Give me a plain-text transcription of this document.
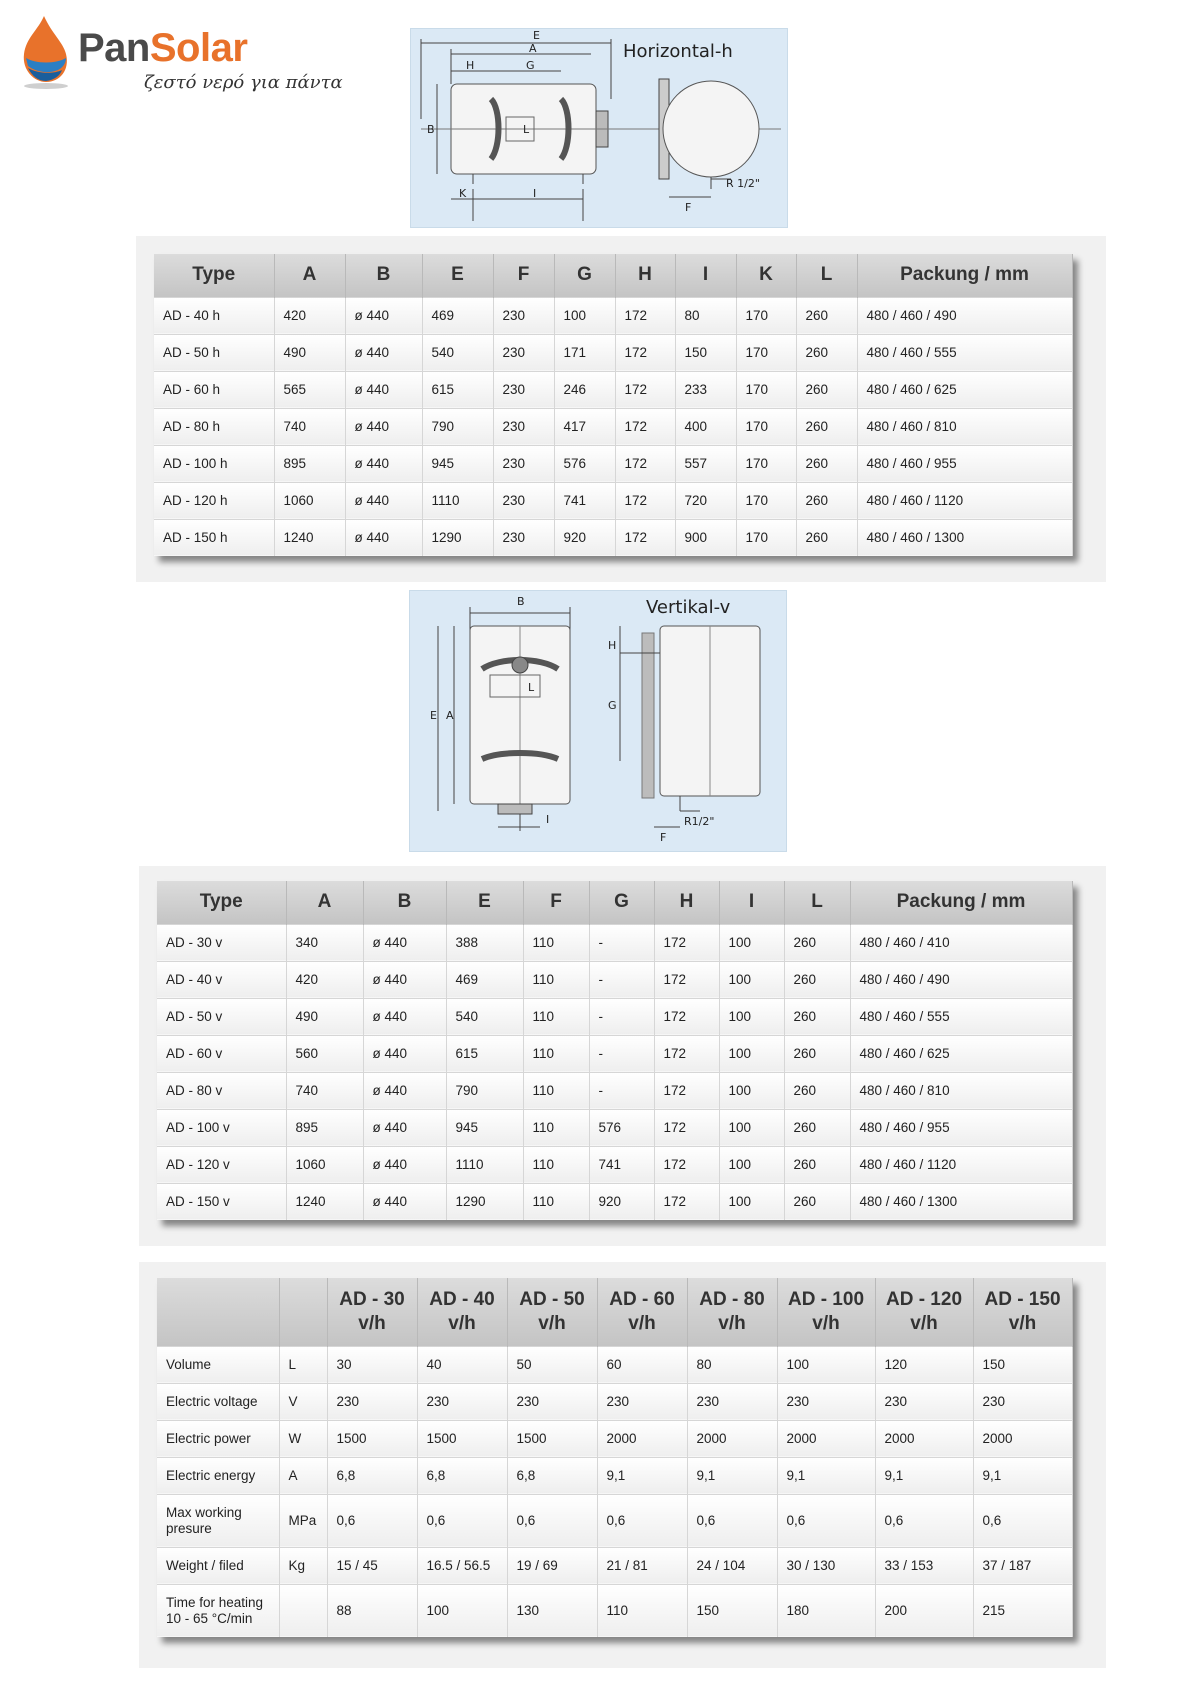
PanSolar
ζεστό νερό για πάντα
E
A
H	G
B	L
K	I
F
R 1/2"
Horizontal-h
Type	A	B	E	F	G	H	I	K	L	Packung / mm
AD - 40 h	420	ø 440	469	230	100	172	80	170	260	480 / 460 / 490
AD - 50 h	490	ø 440	540	230	171	172	150	170	260	480 / 460 / 555
AD - 60 h	565	ø 440	615	230	246	172	233	170	260	480 / 460 / 625
AD - 80 h	740	ø 440	790	230	417	172	400	170	260	480 / 460 / 810
AD - 100 h	895	ø 440	945	230	576	172	557	170	260	480 / 460 / 955
AD - 120 h	1060	ø 440	1110	230	741	172	720	170	260	480 / 460 / 1120
AD - 150 h	1240	ø 440	1290	230	920	172	900	170	260	480 / 460 / 1300
B
E A
L
I
H
G
F
R1/2"
Vertikal-v
Type	A	B	E	F	G	H	I	L	Packung / mm
AD - 30 v	340	ø 440	388	110	-	172	100	260	480 / 460 / 410
AD - 40 v	420	ø 440	469	110	-	172	100	260	480 / 460 / 490
AD - 50 v	490	ø 440	540	110	-	172	100	260	480 / 460 / 555
AD - 60 v	560	ø 440	615	110	-	172	100	260	480 / 460 / 625
AD - 80 v	740	ø 440	790	110	-	172	100	260	480 / 460 / 810
AD - 100 v	895	ø 440	945	110	576	172	100	260	480 / 460 / 955
AD - 120 v	1060	ø 440	1110	110	741	172	100	260	480 / 460 / 1120
AD - 150 v	1240	ø 440	1290	110	920	172	100	260	480 / 460 / 1300
		AD - 30 v/h	AD - 40 v/h	AD - 50 v/h	AD - 60 v/h	AD - 80 v/h	AD - 100 v/h	AD - 120 v/h	AD - 150 v/h
Volume	L	30	40	50	60	80	100	120	150
Electric voltage	V	230	230	230	230	230	230	230	230
Electric power	W	1500	1500	1500	2000	2000	2000	2000	2000
Electric energy	A	6,8	6,8	6,8	9,1	9,1	9,1	9,1	9,1
Max working presure	MPa	0,6	0,6	0,6	0,6	0,6	0,6	0,6	0,6
Weight / filed	Kg	15 / 45	16.5 / 56.5	19 / 69	21 / 81	24 / 104	30 / 130	33 / 153	37 / 187
Time for heating 10 - 65 °C/min		88	100	130	110	150	180	200	215
